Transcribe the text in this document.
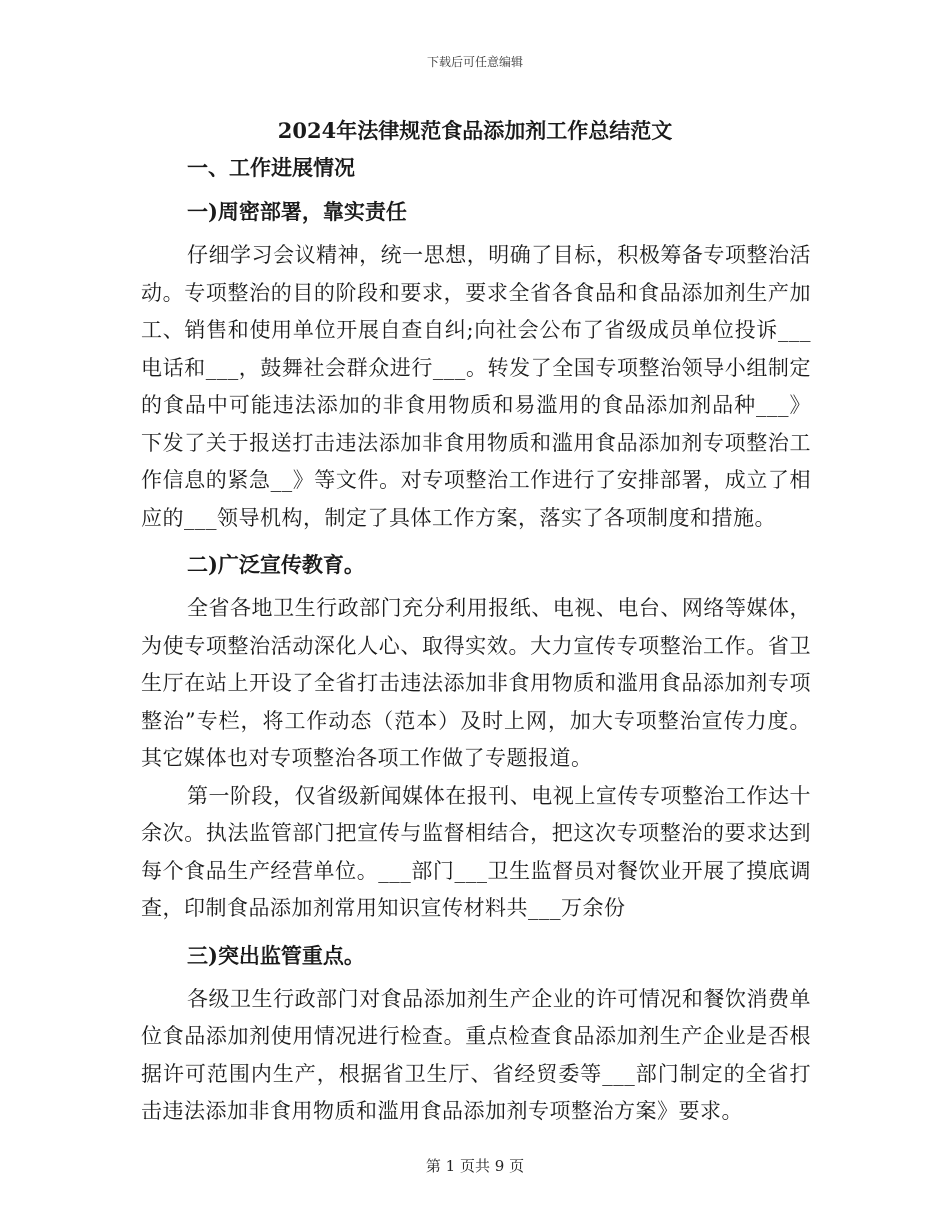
下载后可任意编辑
2024年法律规范食品添加剂工作总结范文
一、工作进展情况
一)周密部署，靠实责任

仔细学习会议精神，统一思想，明确了目标，积极筹备专项整治活动。专项整治的目的阶段和要求，要求全省各食品和食品添加剂生产加工、销售和使用单位开展自查自纠;向社会公布了省级成员单位投诉___电话和___，鼓舞社会群众进行___。转发了全国专项整治领导小组制定的食品中可能违法添加的非食用物质和易滥用的食品添加剂品种___》下发了关于报送打击违法添加非食用物质和滥用食品添加剂专项整治工作信息的紧急__》等文件。对专项整治工作进行了安排部署，成立了相应的___领导机构，制定了具体工作方案，落实了各项制度和措施。

二)广泛宣传教育。

全省各地卫生行政部门充分利用报纸、电视、电台、网络等媒体，为使专项整治活动深化人心、取得实效。大力宣传专项整治工作。省卫生厅在站上开设了全省打击违法添加非食用物质和滥用食品添加剂专项整治”专栏，将工作动态（范本）及时上网，加大专项整治宣传力度。其它媒体也对专项整治各项工作做了专题报道。

第一阶段，仅省级新闻媒体在报刊、电视上宣传专项整治工作达十余次。执法监管部门把宣传与监督相结合，把这次专项整治的要求达到每个食品生产经营单位。___部门___卫生监督员对餐饮业开展了摸底调查，印制食品添加剂常用知识宣传材料共___万余份

三)突出监管重点。

各级卫生行政部门对食品添加剂生产企业的许可情况和餐饮消费单位食品添加剂使用情况进行检查。重点检查食品添加剂生产企业是否根据许可范围内生产，根据省卫生厅、省经贸委等___部门制定的全省打击违法添加非食用物质和滥用食品添加剂专项整治方案》要求。

第 1 页共 9 页
